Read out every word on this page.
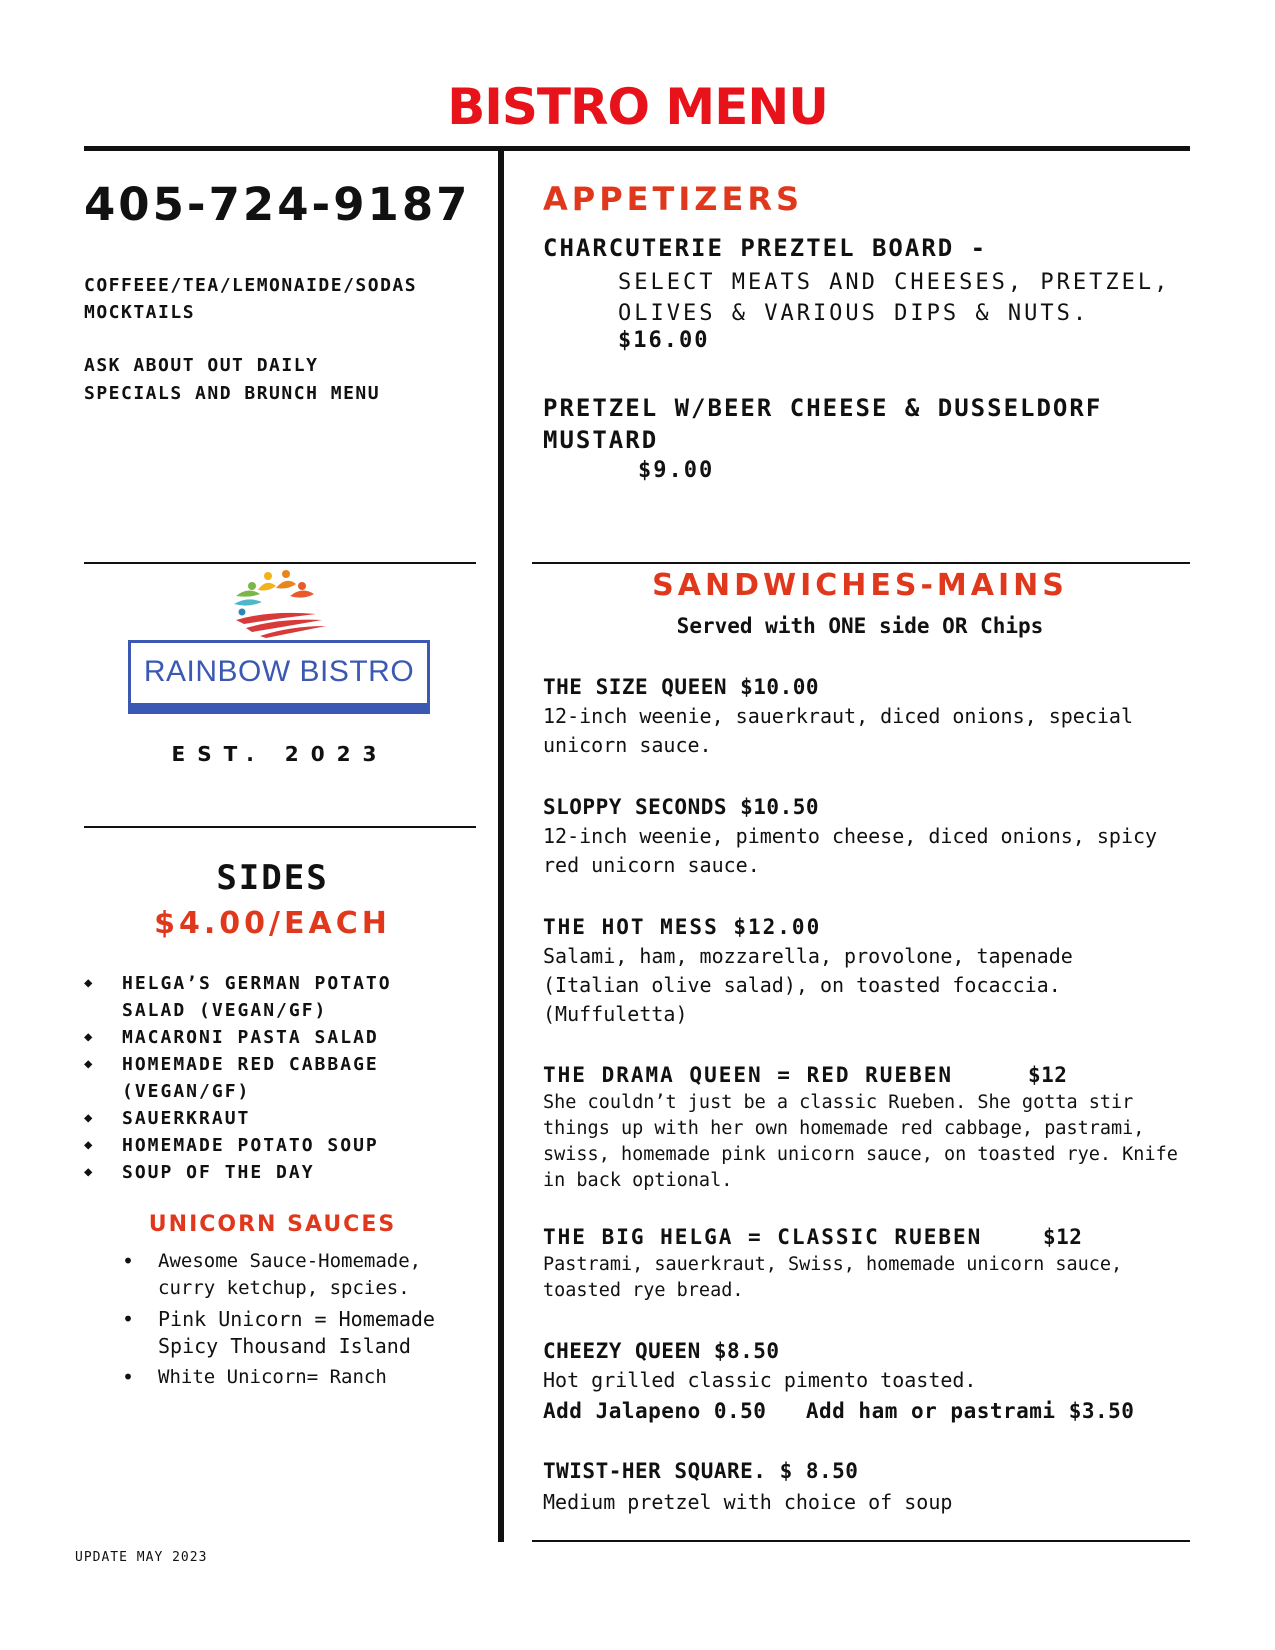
BISTRO MENU
405-724-9187
COFFEEE/TEA/LEMONAIDE/SODAS
MOCKTAILS
ASK ABOUT OUT DAILY
SPECIALS AND BRUNCH MENU
RAINBOW BISTRO
EST. 2023
SIDES
$4.00/EACH
◆ HELGA’S GERMAN POTATO
SALAD (VEGAN/GF)
◆ MACARONI PASTA SALAD
◆ HOMEMADE RED CABBAGE
(VEGAN/GF)
◆ SAUERKRAUT
◆ HOMEMADE POTATO SOUP
◆ SOUP OF THE DAY
UNICORN SAUCES
• Awesome Sauce-Homemade,
curry ketchup, spcies.
• Pink Unicorn = Homemade
Spicy Thousand Island
• White Unicorn= Ranch
UPDATE MAY 2023
APPETIZERS
CHARCUTERIE PREZTEL BOARD -
SELECT MEATS AND CHEESES, PRETZEL,
OLIVES & VARIOUS DIPS & NUTS.
$16.00
PRETZEL W/BEER CHEESE & DUSSELDORF
MUSTARD
$9.00
SANDWICHES-MAINS
Served with ONE side OR Chips
THE SIZE QUEEN $10.00
12-inch weenie, sauerkraut, diced onions, special unicorn sauce.
SLOPPY SECONDS $10.50
12-inch weenie, pimento cheese, diced onions, spicy red unicorn sauce.
THE HOT MESS $12.00
Salami, ham, mozzarella, provolone, tapenade
(Italian olive salad), on toasted focaccia.
(Muffuletta)
THE DRAMA QUEEN = RED RUEBEN	$12
She couldn’t just be a classic Rueben. She gotta stir things up with her own homemade red cabbage, pastrami, swiss, homemade pink unicorn sauce, on toasted rye. Knife in back optional.
THE BIG HELGA = CLASSIC RUEBEN	$12
Pastrami, sauerkraut, Swiss, homemade unicorn sauce, toasted rye bread.
CHEEZY QUEEN $8.50
Hot grilled classic pimento toasted.
Add Jalapeno 0.50   Add ham or pastrami $3.50
TWIST-HER SQUARE. $ 8.50
Medium pretzel with choice of soup
